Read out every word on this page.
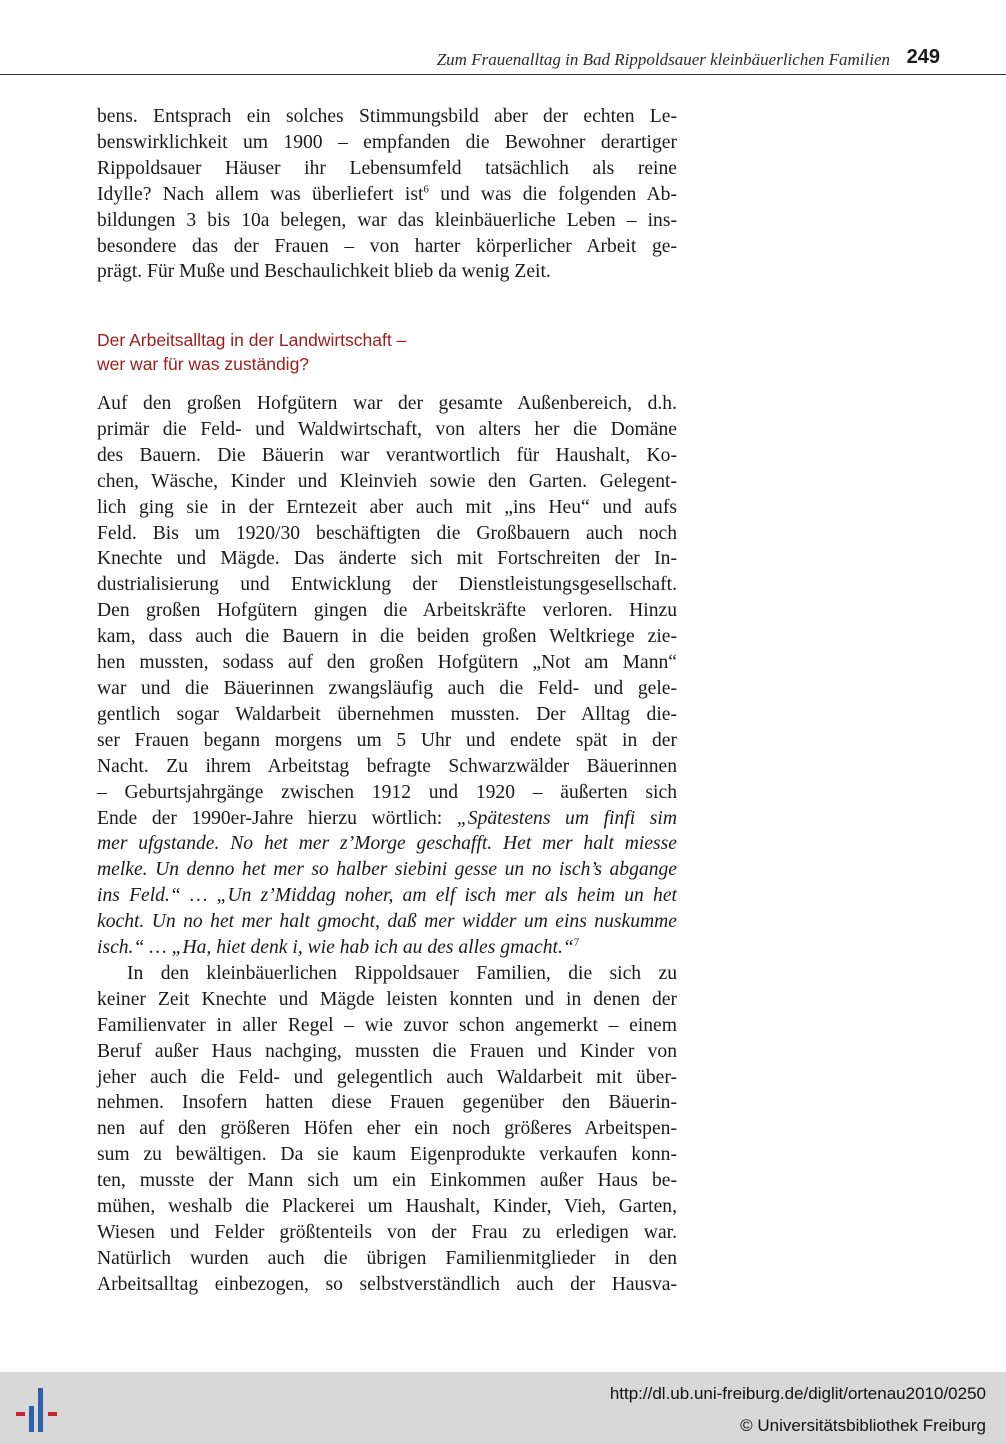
Zum Frauenalltag in Bad Rippoldsauer kleinbäuerlichen Familien 249

bens. Entsprach ein solches Stimmungsbild aber der echten Le-
benswirklichkeit um 1900 – empfanden die Bewohner derartiger
Rippoldsauer Häuser ihr Lebensumfeld tatsächlich als reine
Idylle? Nach allem was überliefert ist$^6$ und was die folgenden Ab-
bildungen 3 bis 10a belegen, war das kleinbäuerliche Leben – ins-
besondere das der Frauen – von harter körperlicher Arbeit ge-
prägt. Für Muße und Beschaulichkeit blieb da wenig Zeit.

Der Arbeitsalltag in der Landwirtschaft –
wer war für was zuständig?

Auf den großen Hofgütern war der gesamte Außenbereich, d.h.
primär die Feld- und Waldwirtschaft, von alters her die Domäne
des Bauern. Die Bäuerin war verantwortlich für Haushalt, Ko-
chen, Wäsche, Kinder und Kleinvieh sowie den Garten. Gelegent-
lich ging sie in der Erntezeit aber auch mit „ins Heu“ und aufs
Feld. Bis um 1920/30 beschäftigten die Großbauern auch noch
Knechte und Mägde. Das änderte sich mit Fortschreiten der In-
dustrialisierung und Entwicklung der Dienstleistungsgesellschaft.
Den großen Hofgütern gingen die Arbeitskräfte verloren. Hinzu
kam, dass auch die Bauern in die beiden großen Weltkriege zie-
hen mussten, sodass auf den großen Hofgütern „Not am Mann“
war und die Bäuerinnen zwangsläufig auch die Feld- und gele-
gentlich sogar Waldarbeit übernehmen mussten. Der Alltag die-
ser Frauen begann morgens um 5 Uhr und endete spät in der
Nacht. Zu ihrem Arbeitstag befragte Schwarzwälder Bäuerinnen
– Geburtsjahrgänge zwischen 1912 und 1920 – äußerten sich
Ende der 1990er-Jahre hierzu wörtlich: „Spätestens um finfi sim
mer ufgstande. No het mer z’Morge geschafft. Het mer halt miesse
melke. Un denno het mer so halber siebini gesse un no isch’s abgange
ins Feld.“ … „Un z’Middag noher, am elf isch mer als heim un het
kocht. Un no het mer halt gmocht, daß mer widder um eins nuskumme
isch.“ … „Ha, hiet denk i, wie hab ich au des alles gmacht.“$^7$

In den kleinbäuerlichen Rippoldsauer Familien, die sich zu
keiner Zeit Knechte und Mägde leisten konnten und in denen der
Familienvater in aller Regel – wie zuvor schon angemerkt – einem
Beruf außer Haus nachging, mussten die Frauen und Kinder von
jeher auch die Feld- und gelegentlich auch Waldarbeit mit über-
nehmen. Insofern hatten diese Frauen gegenüber den Bäuerin-
nen auf den größeren Höfen eher ein noch größeres Arbeitspen-
sum zu bewältigen. Da sie kaum Eigenprodukte verkaufen konn-
ten, musste der Mann sich um ein Einkommen außer Haus be-
mühen, weshalb die Plackerei um Haushalt, Kinder, Vieh, Garten,
Wiesen und Felder größtenteils von der Frau zu erledigen war.
Natürlich wurden auch die übrigen Familienmitglieder in den
Arbeitsalltag einbezogen, so selbstverständlich auch der Hausva-

http://dl.ub.uni-freiburg.de/diglit/ortenau2010/0250
© Universitätsbibliothek Freiburg
